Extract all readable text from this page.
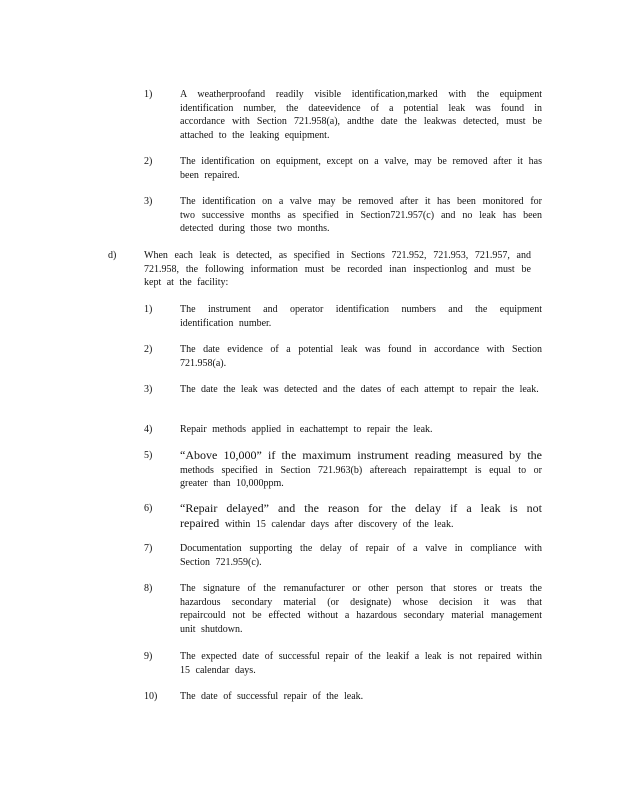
1)	A weatherproofand readily visible identification,marked with the equipment identification number, the dateevidence of a potential leak was found in accordance with Section 721.958(a), andthe date the leakwas detected, must be attached to the leaking equipment.
2)	The identification on equipment, except on a valve, may be removed after it has been repaired.
3)	The identification on a valve may be removed after it has been monitored for two successive months as specified in Section721.957(c) and no leak has been detected during those two months.
d)	When each leak is detected, as specified in Sections 721.952, 721.953, 721.957, and 721.958, the following information must be recorded inan inspectionlog and must be kept at the facility:
1)	The instrument and operator identification numbers and the equipment identification number.
2)	The date evidence of a potential leak was found in accordance with Section 721.958(a).
3)	The date the leak was detected and the dates of each attempt to repair the leak.
4)	Repair methods applied in eachattempt to repair the leak.
5)	“Above 10,000” if the maximum instrument reading measured by the methods specified in Section 721.963(b) aftereach repairattempt is equal to or greater than 10,000ppm.
6)	“Repair delayed” and the reason for the delay if a leak is not repaired within 15 calendar days after discovery of the leak.
7)	Documentation supporting the delay of repair of a valve in compliance with Section 721.959(c).
8)	The signature of the remanufacturer or other person that stores or treats the hazardous secondary material (or designate) whose decision it was that repaircould not be effected without a hazardous secondary material management unit shutdown.
9)	The expected date of successful repair of the leakif a leak is not repaired within 15 calendar days.
10)	The date of successful repair of the leak.
